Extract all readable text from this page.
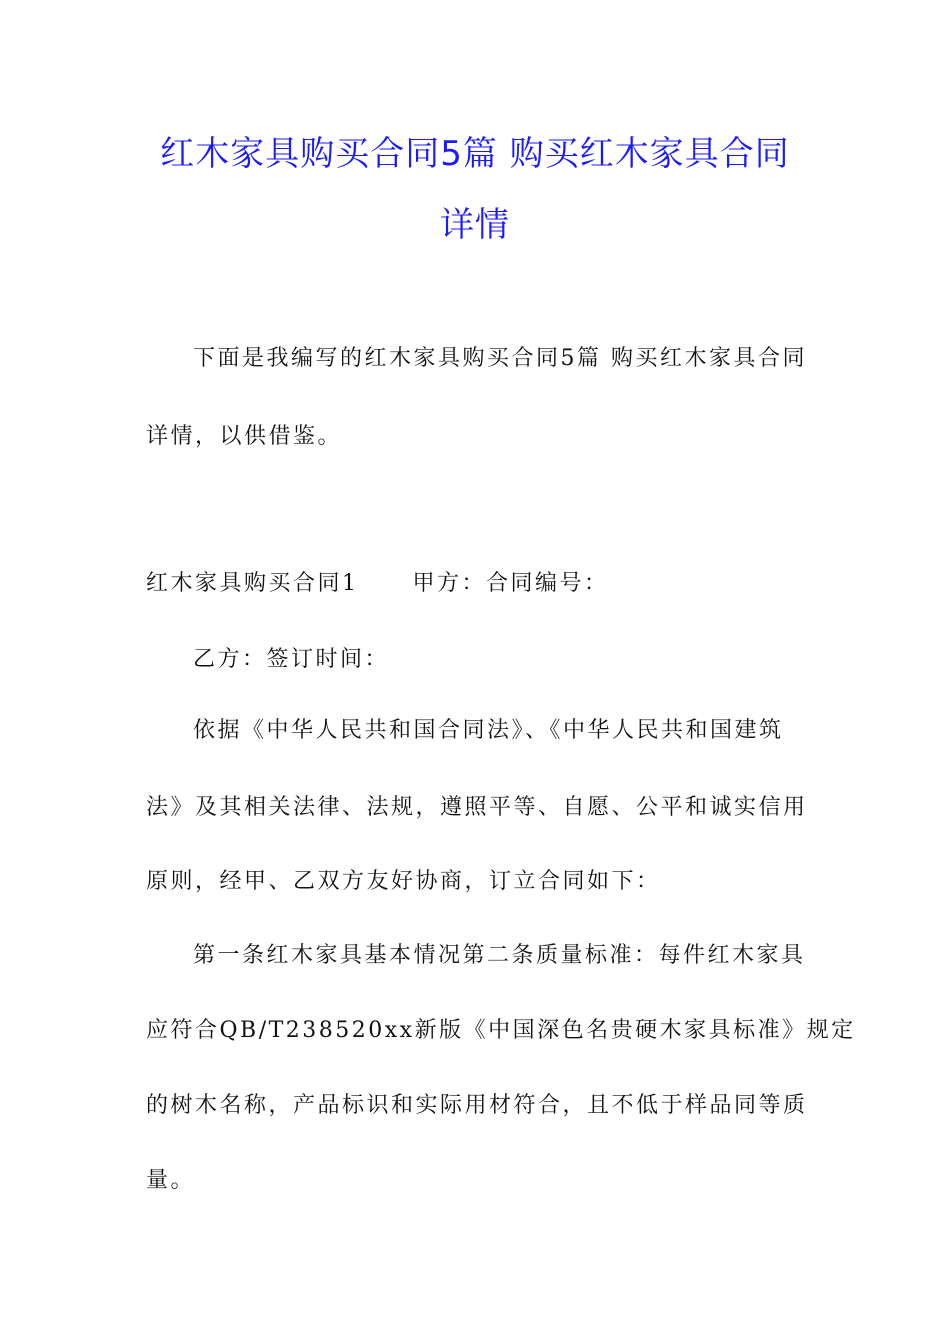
红木家具购买合同5篇 购买红木家具合同
详情
下面是我编写的红木家具购买合同5篇 购买红木家具合同
详情，以供借鉴。
红木家具购买合同1 甲方：合同编号：
乙方：签订时间：
依据《中华人民共和国合同法》、《中华人民共和国建筑
法》及其相关法律、法规，遵照平等、自愿、公平和诚实信用
原则，经甲、乙双方友好协商，订立合同如下：
第一条红木家具基本情况第二条质量标准：每件红木家具
应符合QB/T238520xx新版《中国深色名贵硬木家具标准》规定
的树木名称，产品标识和实际用材符合，且不低于样品同等质
量。
